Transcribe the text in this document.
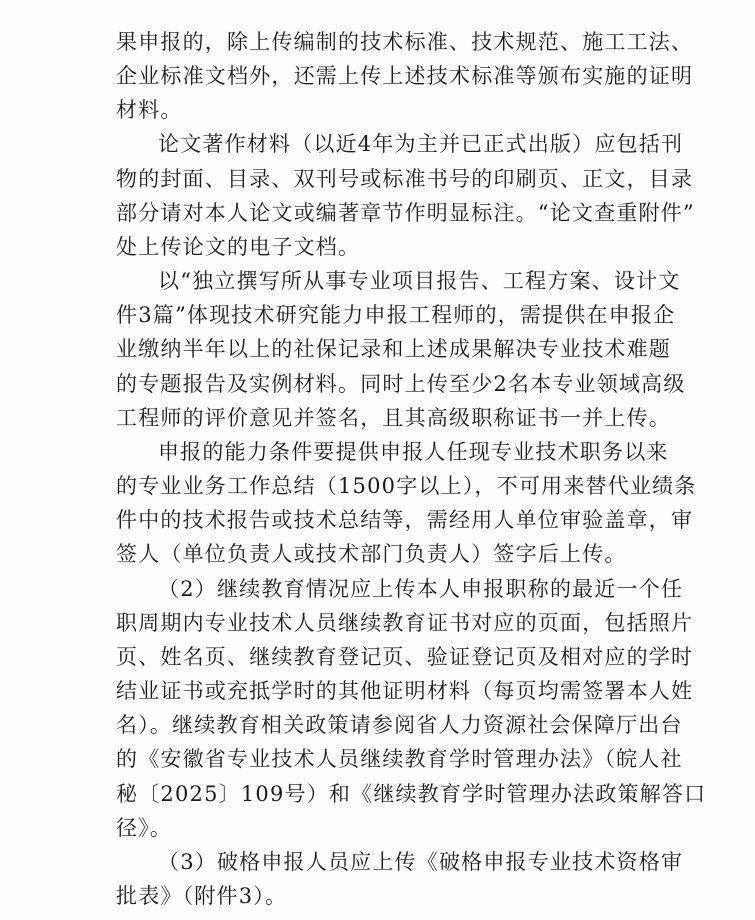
果申报的，除上传编制的技术标准、技术规范、施工工法、
企业标准文档外，还需上传上述技术标准等颁布实施的证明
材料。
论文著作材料（以近4年为主并已正式出版）应包括刊
物的封面、目录、双刊号或标准书号的印刷页、正文，目录
部分请对本人论文或编著章节作明显标注。“论文查重附件”
处上传论文的电子文档。
以“独立撰写所从事专业项目报告、工程方案、设计文
件3篇”体现技术研究能力申报工程师的，需提供在申报企
业缴纳半年以上的社保记录和上述成果解决专业技术难题
的专题报告及实例材料。同时上传至少2名本专业领域高级
工程师的评价意见并签名，且其高级职称证书一并上传。
申报的能力条件要提供申报人任现专业技术职务以来
的专业业务工作总结（1500字以上），不可用来替代业绩条
件中的技术报告或技术总结等，需经用人单位审验盖章，审
签人（单位负责人或技术部门负责人）签字后上传。
（2）继续教育情况应上传本人申报职称的最近一个任
职周期内专业技术人员继续教育证书对应的页面，包括照片
页、姓名页、继续教育登记页、验证登记页及相对应的学时
结业证书或充抵学时的其他证明材料（每页均需签署本人姓
名）。继续教育相关政策请参阅省人力资源社会保障厅出台
的《安徽省专业技术人员继续教育学时管理办法》（皖人社
秘〔2025〕109号）和《继续教育学时管理办法政策解答口
径》。
（3）破格申报人员应上传《破格申报专业技术资格审
批表》（附件3）。
